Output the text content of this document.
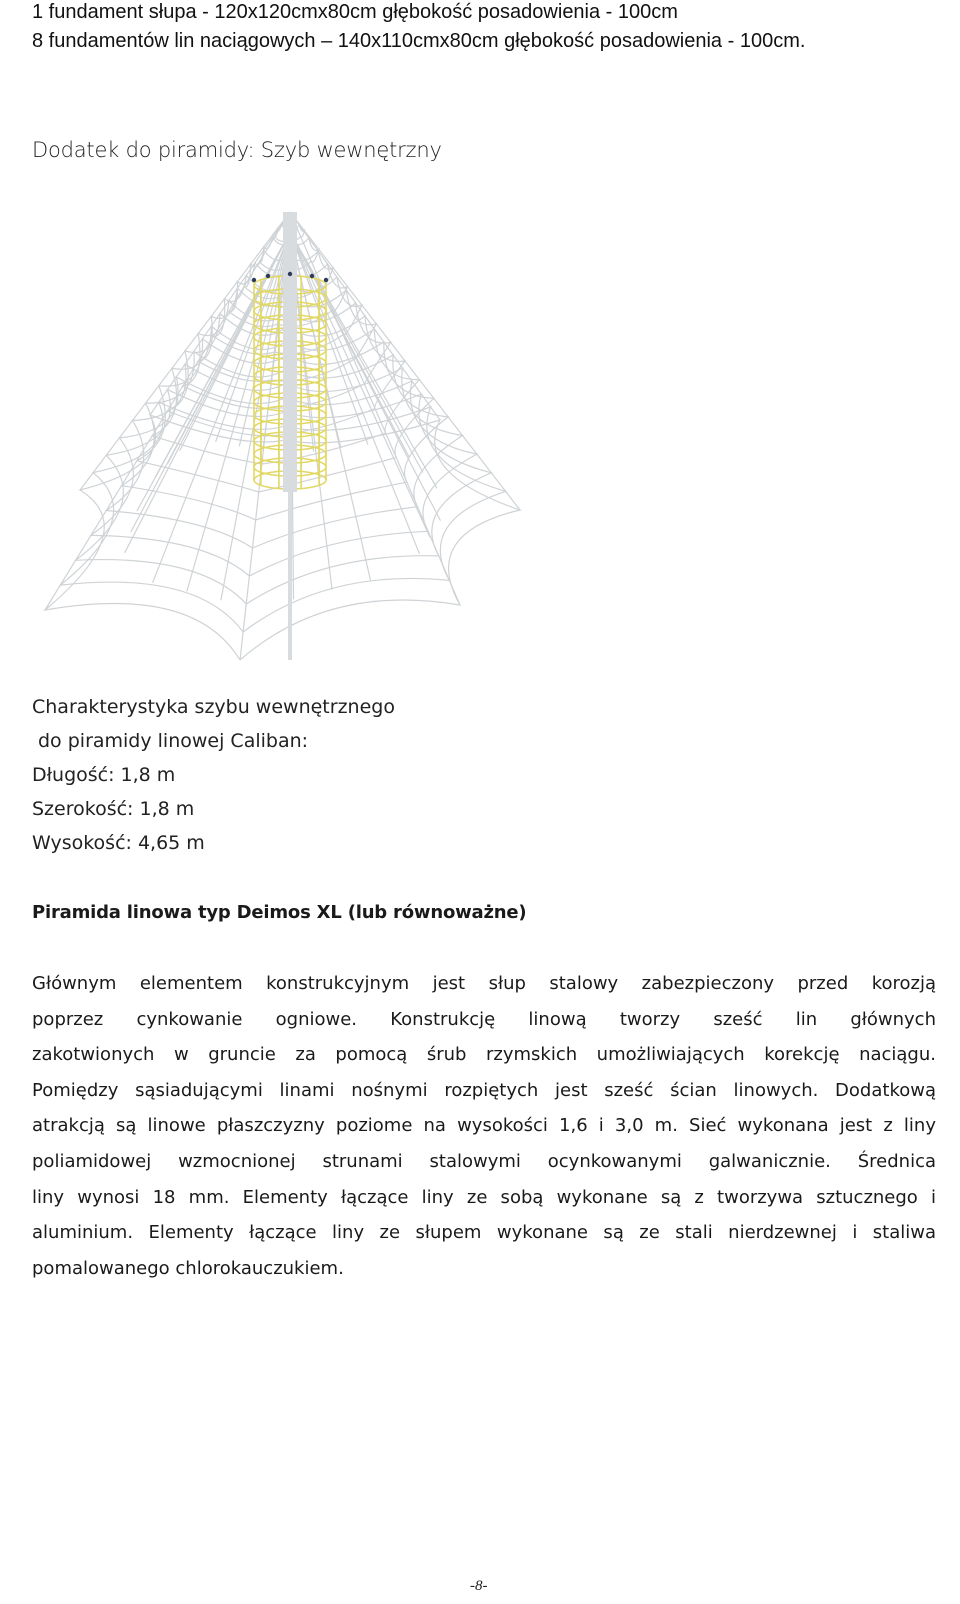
1 fundament słupa - 120x120cmx80cm głębokość posadowienia - 100cm
8 fundamentów lin naciągowych – 140x110cmx80cm głębokość posadowienia - 100cm.
Dodatek do piramidy: Szyb wewnętrzny
Charakterystyka szybu wewnętrznego
do piramidy linowej Caliban:
Długość: 1,8 m
Szerokość: 1,8 m
Wysokość: 4,65 m
Piramida linowa typ Deimos XL (lub równoważne)
Głównym elementem konstrukcyjnym jest słup stalowy zabezpieczony przed korozją
poprzez cynkowanie ogniowe. Konstrukcję linową tworzy sześć lin głównych
zakotwionych w gruncie za pomocą śrub rzymskich umożliwiających korekcję naciągu.
Pomiędzy sąsiadującymi linami nośnymi rozpiętych jest sześć ścian linowych. Dodatkową
atrakcją są linowe płaszczyzny poziome na wysokości 1,6 i 3,0 m. Sieć wykonana jest z liny
poliamidowej wzmocnionej strunami stalowymi ocynkowanymi galwanicznie. Średnica
liny wynosi 18 mm. Elementy łączące liny ze sobą wykonane są z tworzywa sztucznego i
aluminium. Elementy łączące liny ze słupem wykonane są ze stali nierdzewnej i staliwa
pomalowanego chlorokauczukiem.
-8-
